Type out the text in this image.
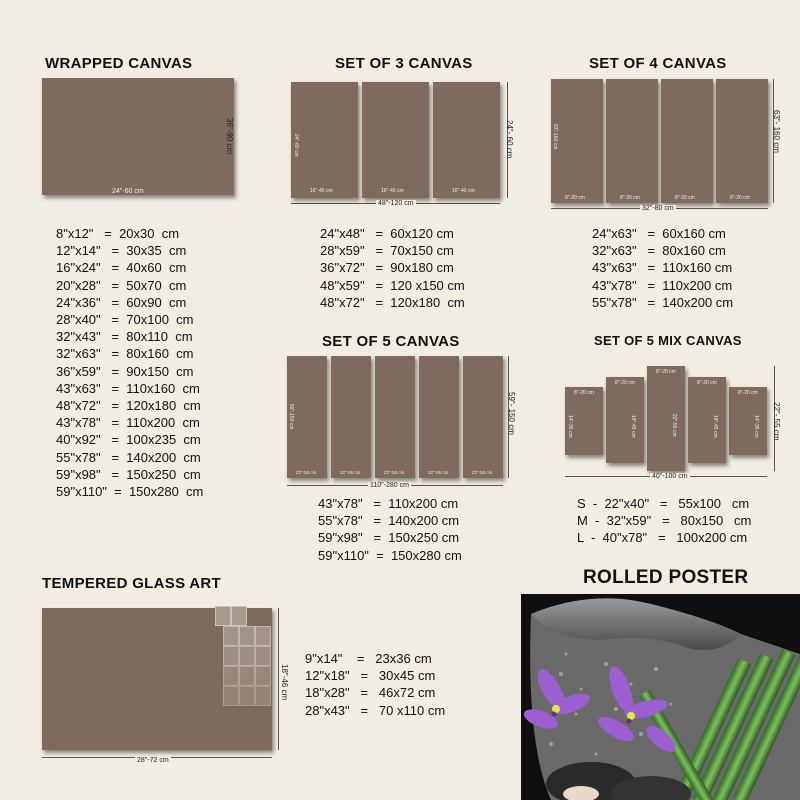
WRAPPED CANVAS
24"-60 cm
36"-90 cm
8"x12"   =  20x30  cm
12"x14"   =  30x35  cm
16"x24"   =  40x60  cm
20"x28"   =  50x70  cm
24"x36"   =  60x90  cm
28"x40"   =  70x100  cm
32"x43"   =  80x110  cm
32"x63"   =  80x160  cm
36"x59"   =  90x150  cm
43"x63"   =  110x160  cm
48"x72"   =  120x180  cm
43"x78"   =  110x200  cm
40"x92"   =  100x235  cm
55"x78"   =  140x200  cm
59"x98"   =  150x250  cm
59"x110"  =  150x280  cm
SET OF 3 CANVAS
24"-60 cm
16"-40 cm	16"-40 cm	16"-40 cm
48"-120 cm
24"- 60 cm
24"x48"   =  60x120 cm
28"x59"   =  70x150 cm
36"x72"   =  90x180 cm
48"x59"   =  120 x150 cm
48"x72"   =  120x180  cm
SET OF 4 CANVAS
63"-160 cm
8"-20 cm	8"-20 cm	8"-20 cm	8"-20 cm
32"-80 cm
63"- 160 cm
24"x63"   =  60x160 cm
32"x63"   =  80x160 cm
43"x63"   =  110x160 cm
43"x78"   =  110x200 cm
55"x78"   =  140x200 cm
SET OF 5 CANVAS
59"-150 cm
22"-56 cm	22"-56 cm	22"-56 cm	22"-56 cm	22"-56 cm
110"-280 cm
59"- 150 cm
43"x78"   =  110x200 cm
55"x78"   =  140x200 cm
59"x98"   =  150x250 cm
59"x110"  =  150x280 cm
SET OF 5 MIX CANVAS
8"-20 cm
14"-35 cm
8"-20 cm
18"-45 cm
8"-20 cm
22"-55 cm
8"-20 cm
18"-45 cm
8"-20 cm
14"-35 cm
40"-100 cm
22"- 55 cm
S  -  22"x40"   =   55x100   cm
M  -  32"x59"   =   80x150   cm
L  -  40"x78"   =   100x200 cm
TEMPERED GLASS ART
28"-72 cm
18"-46 cm
9"x14"    =   23x36 cm
12"x18"   =   30x45 cm
18"x28"   =   46x72 cm
28"x43"   =   70 x110 cm
ROLLED POSTER
